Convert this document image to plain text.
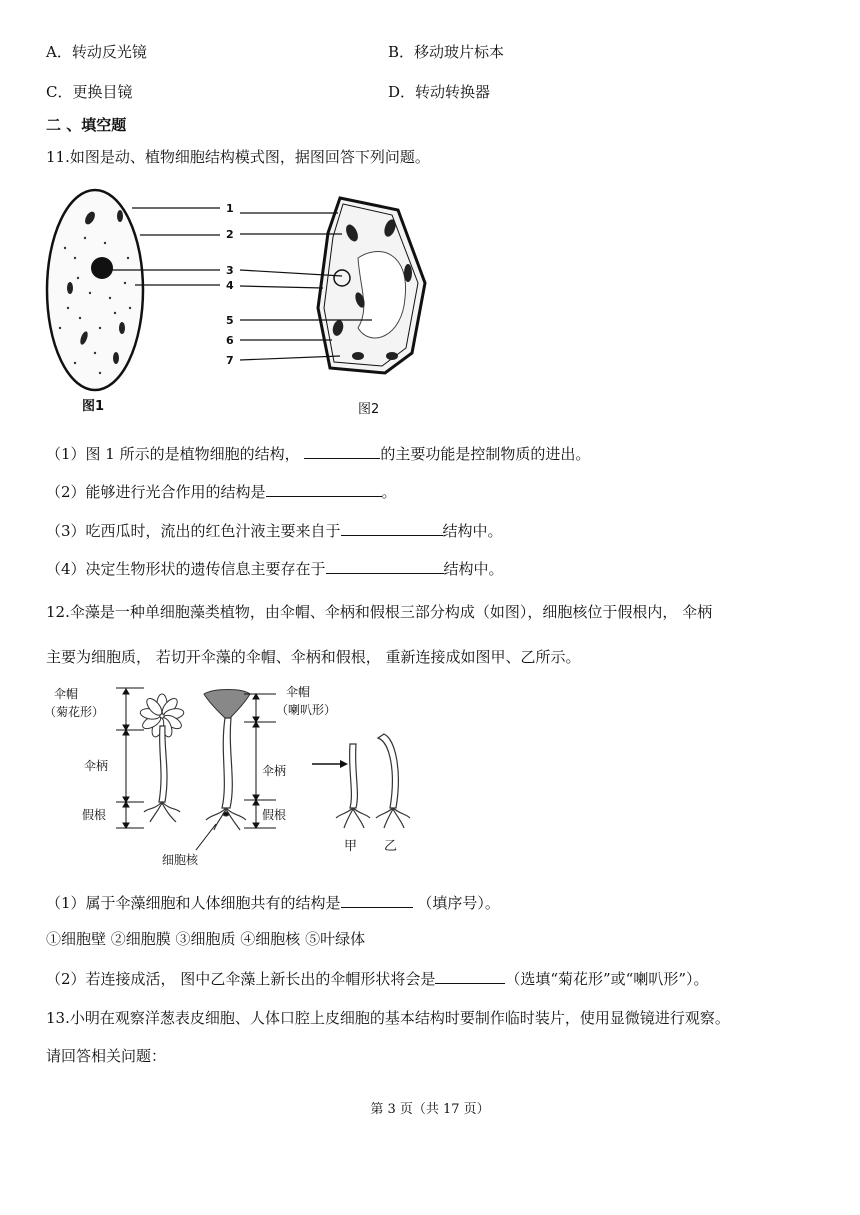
A．转动反光镜	B．移动玻片标本
C．更换目镜	D．转动转换器
二 、填空题
11.如图是动、植物细胞结构模式图，据图回答下列问题。
1
2
3
4
5
6
7
图1	图2
（1）图 1 所示的是植物细胞的结构，	的主要功能是控制物质的进出。
（2）能够进行光合作用的结构是	。
（3）吃西瓜时，流出的红色汁液主要来自于	结构中。
（4）决定生物形状的遗传信息主要存在于	结构中。
12.伞藻是一种单细胞藻类植物，由伞帽、伞柄和假根三部分构成（如图），细胞核位于假根内， 伞柄
主要为细胞质， 若切开伞藻的伞帽、伞柄和假根， 重新连接成如图甲、乙所示。
伞帽
（菊花形）
伞柄
假根
细胞核
伞帽
（喇叭形）
伞柄
假根
甲 乙
（1）属于伞藻细胞和人体细胞共有的结构是	（填序号）。
①细胞壁 ②细胞膜 ③细胞质 ④细胞核 ⑤叶绿体
（2）若连接成活， 图中乙伞藻上新长出的伞帽形状将会是	（选填“菊花形”或“喇叭形”）。
13.小明在观察洋葱表皮细胞、人体口腔上皮细胞的基本结构时要制作临时装片，使用显微镜进行观察。
请回答相关问题：
第 3 页（共 17 页）
